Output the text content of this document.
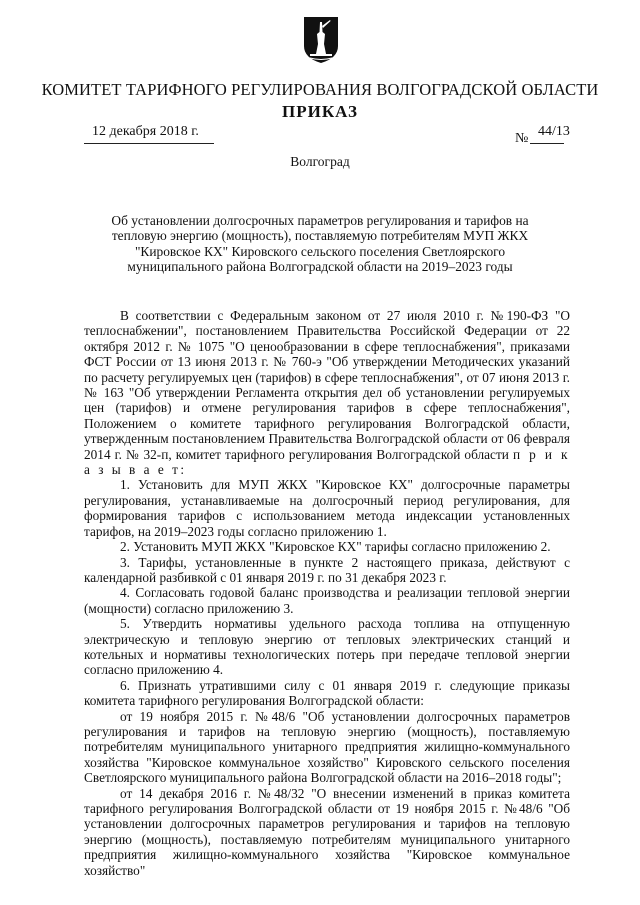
КОМИТЕТ ТАРИФНОГО РЕГУЛИРОВАНИЯ ВОЛГОГРАДСКОЙ ОБЛАСТИ
ПРИКАЗ
12 декабря 2018 г.	№ 44/13
Волгоград
Об установлении долгосрочных параметров регулирования и тарифов на тепловую энергию (мощность), поставляемую потребителям МУП ЖКХ "Кировское КХ" Кировского сельского поселения Светлоярского муниципального района Волгоградской области на 2019–2023 годы

В соответствии с Федеральным законом от 27 июля 2010 г. №190-ФЗ "О теплоснабжении", постановлением Правительства Российской Федерации от 22 октября 2012 г. № 1075 "О ценообразовании в сфере теплоснабжения", приказами ФСТ России от 13 июня 2013 г. № 760-э "Об утверждении Методических указаний по расчету регулируемых цен (тарифов) в сфере теплоснабжения", от 07 июня 2013 г. № 163 "Об утверждении Регламента открытия дел об установлении регулируемых цен (тарифов) и отмене регулирования тарифов в сфере теплоснабжения", Положением о комитете тарифного регулирования Волгоградской области, утвержденным постановлением Правительства Волгоградской области от 06 февраля 2014 г. № 32-п, комитет тарифного регулирования Волгоградской области п р и к а з ы в а е т:

1. Установить для МУП ЖКХ "Кировское КХ" долгосрочные параметры регулирования, устанавливаемые на долгосрочный период регулирования, для формирования тарифов с использованием метода индексации установленных тарифов, на 2019–2023 годы согласно приложению 1.

2. Установить МУП ЖКХ "Кировское КХ" тарифы согласно приложению 2.

3. Тарифы, установленные в пункте 2 настоящего приказа, действуют с календарной разбивкой с 01 января 2019 г. по 31 декабря 2023 г.

4. Согласовать годовой баланс производства и реализации тепловой энергии (мощности) согласно приложению 3.

5. Утвердить нормативы удельного расхода топлива на отпущенную электрическую и тепловую энергию от тепловых электрических станций и котельных и нормативы технологических потерь при передаче тепловой энергии согласно приложению 4.

6. Признать утратившими силу с 01 января 2019 г. следующие приказы комитета тарифного регулирования Волгоградской области:

от 19 ноября 2015 г. №48/6 "Об установлении долгосрочных параметров регулирования и тарифов на тепловую энергию (мощность), поставляемую потребителям муниципального унитарного предприятия жилищно-коммунального хозяйства "Кировское коммунальное хозяйство" Кировского сельского поселения Светлоярского муниципального района Волгоградской области на 2016–2018 годы";

от 14 декабря 2016 г. №48/32 "О внесении изменений в приказ комитета тарифного регулирования Волгоградской области от 19 ноября 2015 г. №48/6 "Об установлении долгосрочных параметров регулирования и тарифов на тепловую энергию (мощность), поставляемую потребителям муниципального унитарного предприятия жилищно-коммунального хозяйства "Кировское коммунальное хозяйство"
